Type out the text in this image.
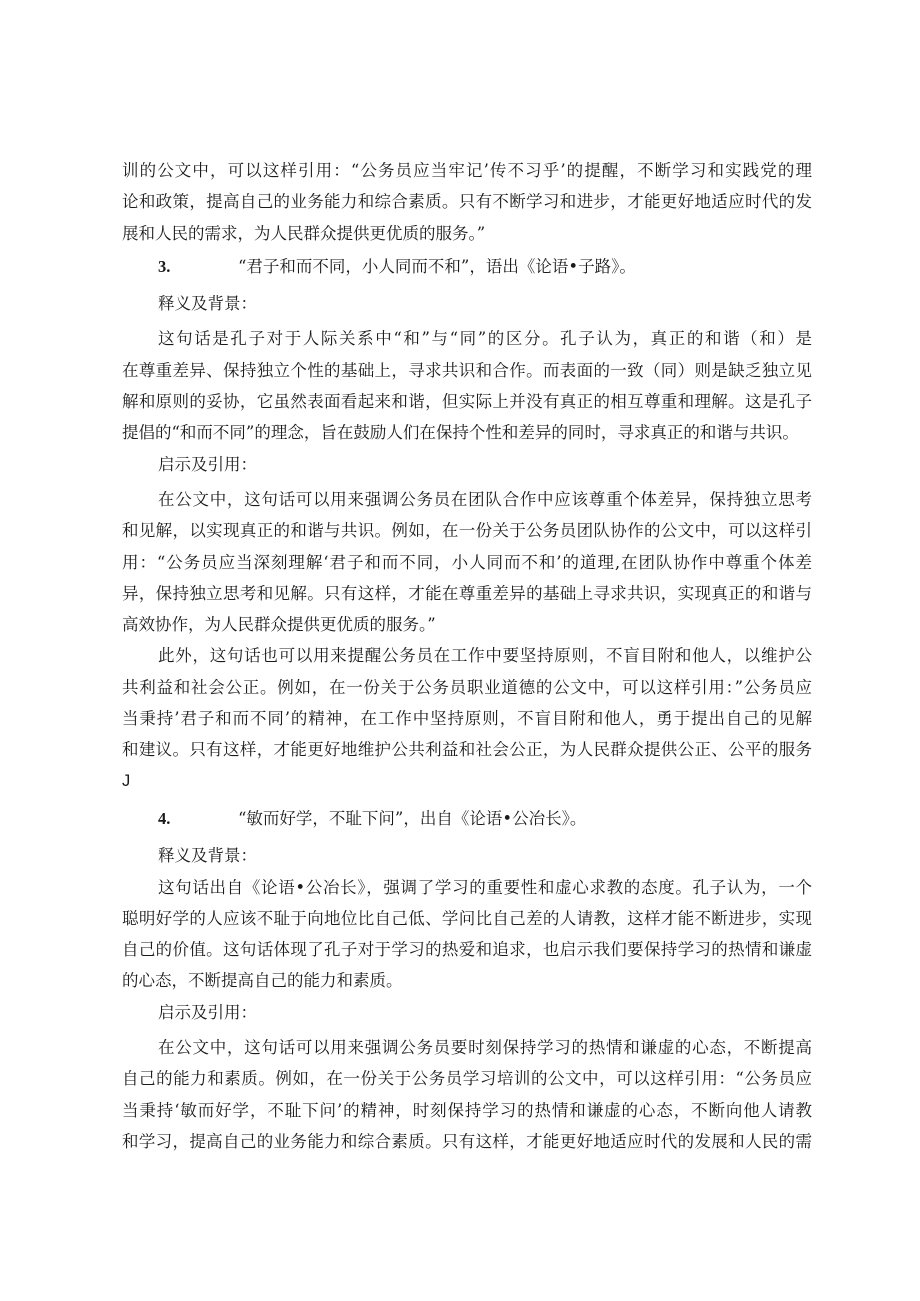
训的公文中，可以这样引用：“公务员应当牢记’传不习乎’的提醒，不断学习和实践党的理
论和政策，提高自己的业务能力和综合素质。只有不断学习和进步，才能更好地适应时代的发
展和人民的需求，为人民群众提供更优质的服务。”
3.	“君子和而不同，小人同而不和”，语出《论语•子路》。
释义及背景：
这句话是孔子对于人际关系中“和”与“同”的区分。孔子认为，真正的和谐（和）是
在尊重差异、保持独立个性的基础上，寻求共识和合作。而表面的一致（同）则是缺乏独立见
解和原则的妥协，它虽然表面看起来和谐，但实际上并没有真正的相互尊重和理解。这是孔子
提倡的“和而不同”的理念，旨在鼓励人们在保持个性和差异的同时，寻求真正的和谐与共识。
启示及引用：
在公文中，这句话可以用来强调公务员在团队合作中应该尊重个体差异，保持独立思考
和见解，以实现真正的和谐与共识。例如，在一份关于公务员团队协作的公文中，可以这样引
用：“公务员应当深刻理解‘君子和而不同，小人同而不和’的道理,在团队协作中尊重个体差
异，保持独立思考和见解。只有这样，才能在尊重差异的基础上寻求共识，实现真正的和谐与
高效协作，为人民群众提供更优质的服务。”
此外，这句话也可以用来提醒公务员在工作中要坚持原则，不盲目附和他人，以维护公
共利益和社会公正。例如，在一份关于公务员职业道德的公文中，可以这样引用：”公务员应
当秉持’君子和而不同’的精神，在工作中坚持原则，不盲目附和他人，勇于提出自己的见解
和建议。只有这样，才能更好地维护公共利益和社会公正，为人民群众提供公正、公平的服务
J
4.	“敏而好学，不耻下问”，出自《论语•公冶长》。
释义及背景：
这句话出自《论语•公冶长》，强调了学习的重要性和虚心求教的态度。孔子认为，一个
聪明好学的人应该不耻于向地位比自己低、学问比自己差的人请教，这样才能不断进步，实现
自己的价值。这句话体现了孔子对于学习的热爱和追求，也启示我们要保持学习的热情和谦虚
的心态，不断提高自己的能力和素质。
启示及引用：
在公文中，这句话可以用来强调公务员要时刻保持学习的热情和谦虚的心态，不断提高
自己的能力和素质。例如，在一份关于公务员学习培训的公文中，可以这样引用：“公务员应
当秉持‘敏而好学，不耻下问’的精神，时刻保持学习的热情和谦虚的心态，不断向他人请教
和学习，提高自己的业务能力和综合素质。只有这样，才能更好地适应时代的发展和人民的需
